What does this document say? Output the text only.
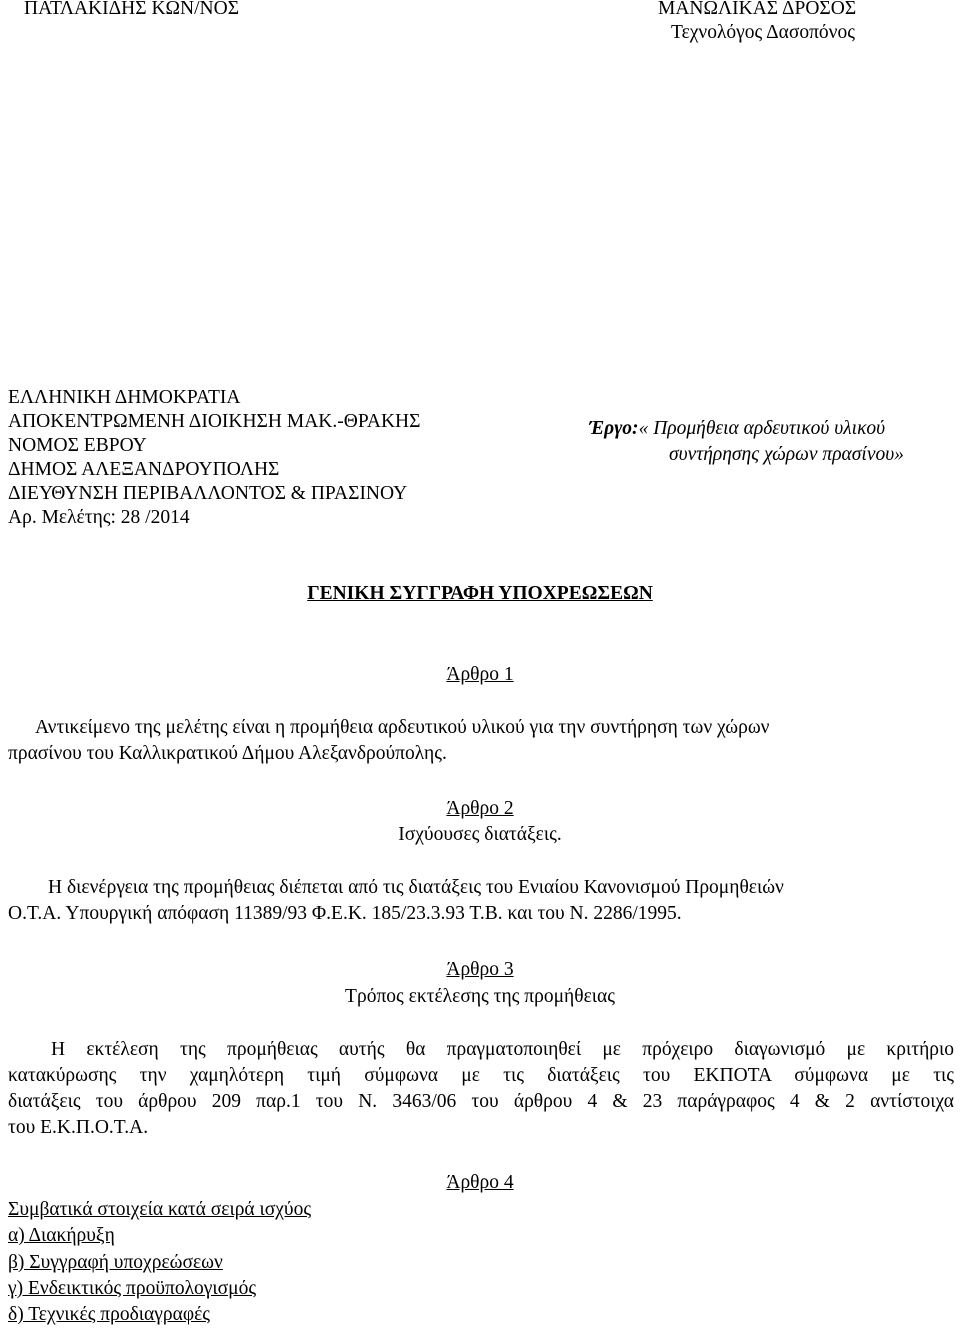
ΠΑΤΛΑΚΙΔΗΣ ΚΩΝ/ΝΟΣ	ΜΑΝΩΛΙΚΑΣ ΔΡΟΣΟΣ
Τεχνολόγος Δασοπόνος
ΕΛΛΗΝΙΚΗ ΔΗΜΟΚΡΑΤΙΑ
ΑΠΟΚΕΝΤΡΩΜΕΝΗ ΔΙΟΙΚΗΣΗ ΜΑΚ.-ΘΡΑΚΗΣ
ΝΟΜΟΣ ΕΒΡΟΥ
ΔΗΜΟΣ ΑΛΕΞΑΝΔΡΟΥΠΟΛΗΣ
ΔΙΕΥΘΥΝΣΗ ΠΕΡΙΒΑΛΛΟΝΤΟΣ & ΠΡΑΣΙΝΟΥ
Αρ. Μελέτης: 28 /2014
Έργο:« Προμήθεια αρδευτικού υλικού
συντήρησης χώρων πρασίνου»
ΓΕΝΙΚΗ ΣΥΓΓΡΑΦΗ ΥΠΟΧΡΕΩΣΕΩΝ
Άρθρο 1
Αντικείμενο της μελέτης είναι η προμήθεια αρδευτικού υλικού για την συντήρηση των χώρων
πρασίνου του Καλλικρατικού Δήμου Αλεξανδρούπολης.
Άρθρο 2
Ισχύουσες διατάξεις.
Η διενέργεια της προμήθειας διέπεται από τις διατάξεις του Ενιαίου Κανονισμού Προμηθειών
Ο.Τ.Α. Υπουργική απόφαση 11389/93 Φ.Ε.Κ. 185/23.3.93 Τ.Β. και του Ν. 2286/1995.
Άρθρο 3
Τρόπος εκτέλεσης της προμήθειας
Η εκτέλεση της προμήθειας αυτής θα πραγματοποιηθεί με πρόχειρο διαγωνισμό με κριτήριο
κατακύρωσης την χαμηλότερη τιμή σύμφωνα με τις διατάξεις του ΕΚΠΟΤΑ σύμφωνα με τις
διατάξεις του άρθρου 209 παρ.1 του Ν. 3463/06 του άρθρου 4 & 23 παράγραφος 4 & 2 αντίστοιχα
του Ε.Κ.Π.Ο.Τ.Α.
Άρθρο 4
Συμβατικά στοιχεία κατά σειρά ισχύος
α) Διακήρυξη
β) Συγγραφή υποχρεώσεων
γ) Ενδεικτικός προϋπολογισμός
δ) Τεχνικές προδιαγραφές
